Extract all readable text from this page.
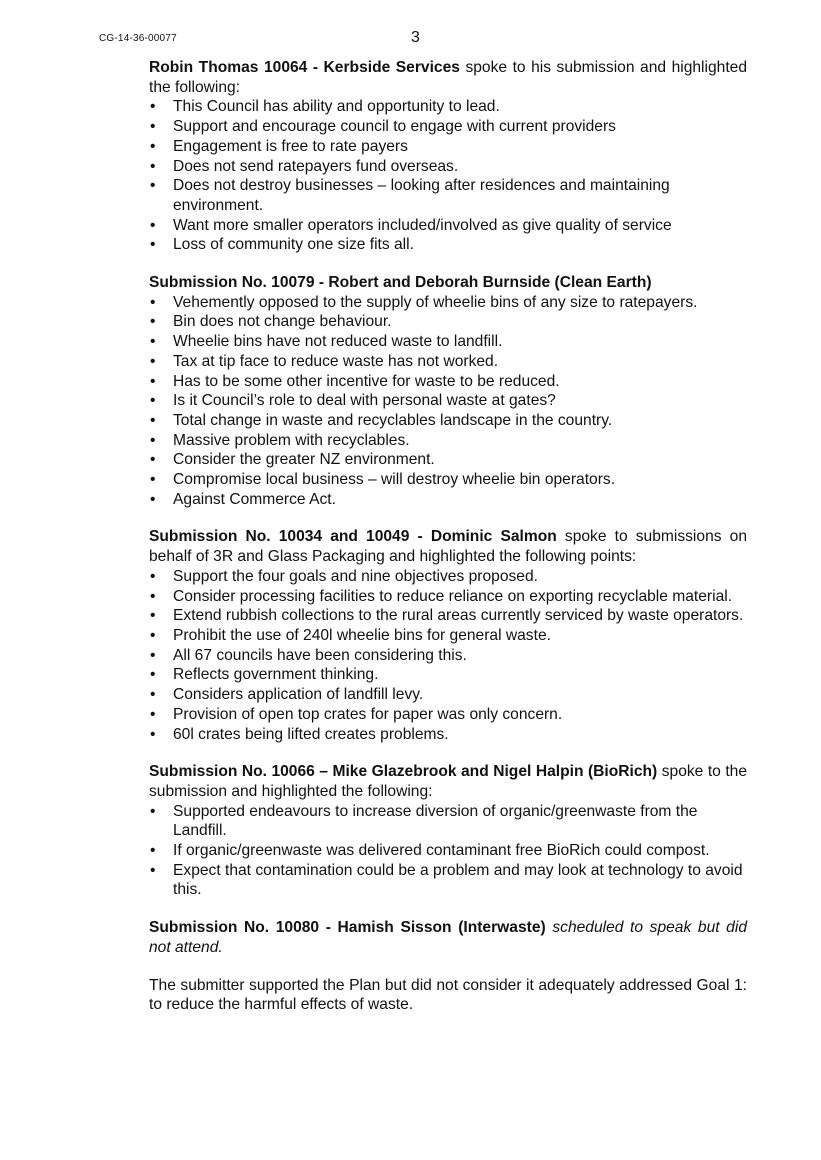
CG-14-36-00077	3

Robin Thomas 10064 - Kerbside Services spoke to his submission and highlighted the following:

• This Council has ability and opportunity to lead.
• Support and encourage council to engage with current providers
• Engagement is free to rate payers
• Does not send ratepayers fund overseas.
• Does not destroy businesses – looking after residences and maintaining environment.
• Want more smaller operators included/involved as give quality of service
• Loss of community one size fits all.

Submission No. 10079 - Robert and Deborah Burnside (Clean Earth)

• Vehemently opposed to the supply of wheelie bins of any size to ratepayers.
• Bin does not change behaviour.
• Wheelie bins have not reduced waste to landfill.
• Tax at tip face to reduce waste has not worked.
• Has to be some other incentive for waste to be reduced.
• Is it Council’s role to deal with personal waste at gates?
• Total change in waste and recyclables landscape in the country.
• Massive problem with recyclables.
• Consider the greater NZ environment.
• Compromise local business – will destroy wheelie bin operators.
• Against Commerce Act.

Submission No. 10034 and 10049 - Dominic Salmon spoke to submissions on behalf of 3R and Glass Packaging and highlighted the following points:

• Support the four goals and nine objectives proposed.
• Consider processing facilities to reduce reliance on exporting recyclable material.
• Extend rubbish collections to the rural areas currently serviced by waste operators.
• Prohibit the use of 240l wheelie bins for general waste.
• All 67 councils have been considering this.
• Reflects government thinking.
• Considers application of landfill levy.
• Provision of open top crates for paper was only concern.
• 60l crates being lifted creates problems.

Submission No. 10066 – Mike Glazebrook and Nigel Halpin (BioRich) spoke to the submission and highlighted the following:

• Supported endeavours to increase diversion of organic/greenwaste from the Landfill.
• If organic/greenwaste was delivered contaminant free BioRich could compost.
• Expect that contamination could be a problem and may look at technology to avoid this.

Submission No. 10080 - Hamish Sisson (Interwaste) scheduled to speak but did not attend.

The submitter supported the Plan but did not consider it adequately addressed Goal 1: to reduce the harmful effects of waste.
